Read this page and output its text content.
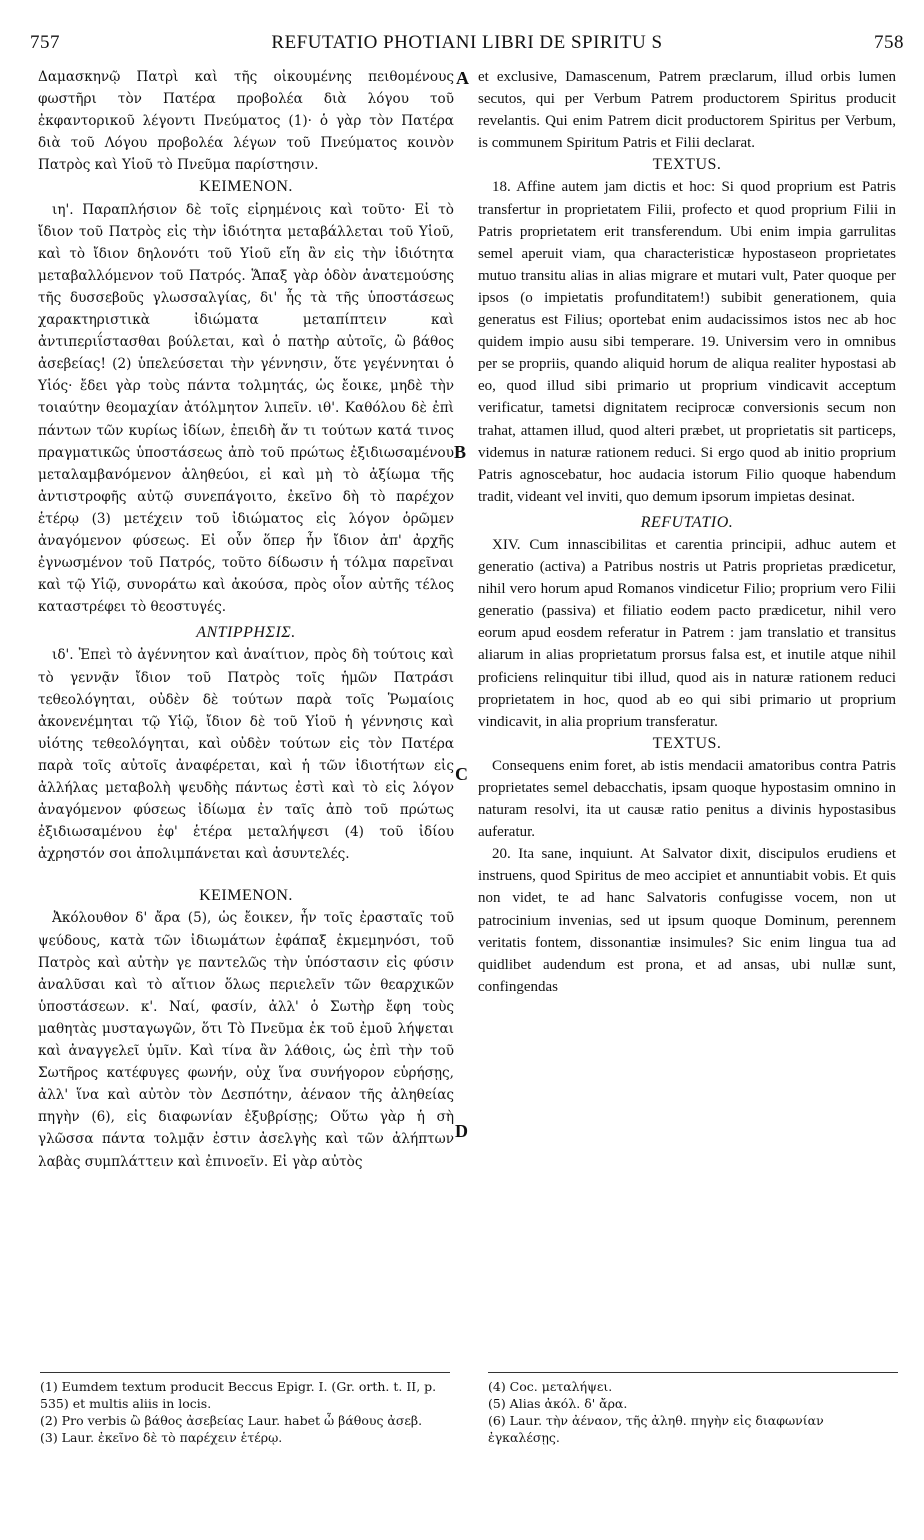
757	REFUTATIO PHOTIANI LIBRI DE SPIRITU S	758
A
B
C
D

Δαμασκηνῷ Πατρὶ καὶ τῆς οἰκουμένης πειθομένους φωστῆρι τὸν Πατέρα προβολέα διὰ λόγου τοῦ ἐκφαντορικοῦ λέγοντι Πνεύματος (1)· ὁ γὰρ τὸν Πατέρα διὰ τοῦ Λόγου προβολέα λέγων τοῦ Πνεύματος κοινὸν Πατρὸς καὶ Υἱοῦ τὸ Πνεῦμα παρίστησιν.

ΚΕΙΜΕΝΟΝ.

ιη'. Παραπλήσιον δὲ τοῖς εἰρημένοις καὶ τοῦτο· Εἰ τὸ ἴδιον τοῦ Πατρὸς εἰς τὴν ἰδιότητα μεταβάλλεται τοῦ Υἱοῦ, καὶ τὸ ἴδιον δηλονότι τοῦ Υἱοῦ εἴη ἂν εἰς τὴν ἰδιότητα μεταβαλλόμενον τοῦ Πατρός. Ἅπαξ γὰρ ὁδὸν ἀνατεμούσης τῆς δυσσεβοῦς γλωσσαλγίας, δι' ἧς τὰ τῆς ὑποστάσεως χαρακτηριστικὰ ἰδιώματα μεταπίπτειν καὶ ἀντιπεριΐστασθαι βούλεται, καὶ ὁ πατὴρ αὐτοῖς, ὢ βάθος ἀσεβείας! (2) ὑπελεύσεται τὴν γέννησιν, ὅτε γεγέννηται ὁ Υἱός· ἔδει γὰρ τοὺς πάντα τολμητάς, ὡς ἔοικε, μηδὲ τὴν τοιαύτην θεομαχίαν ἀτόλμητον λιπεῖν. ιθ'. Καθόλου δὲ ἐπὶ πάντων τῶν κυρίως ἰδίων, ἐπειδὴ ἄν τι τούτων κατά τινος πραγματικῶς ὑποστάσεως ἀπὸ τοῦ πρώτως ἐξιδιωσαμένου μεταλαμβανόμενον ἀληθεύοι, εἰ καὶ μὴ τὸ ἀξίωμα τῆς ἀντιστροφῆς αὐτῷ συνεπάγοιτο, ἐκεῖνο δὴ τὸ παρέχον ἑτέρῳ (3) μετέχειν τοῦ ἰδιώματος εἰς λόγον ὁρῶμεν ἀναγόμενον φύσεως. Εἰ οὖν ὅπερ ἦν ἴδιον ἀπ' ἀρχῆς ἐγνωσμένον τοῦ Πατρός, τοῦτο δίδωσιν ἡ τόλμα παρεῖναι καὶ τῷ Υἱῷ, συνοράτω καὶ ἀκούσα, πρὸς οἷον αὐτῆς τέλος καταστρέφει τὸ θεοστυγές.

ΑΝΤΙΡΡΗΣΙΣ.

ιδ'. Ἐπεὶ τὸ ἀγέννητον καὶ ἀναίτιον, πρὸς δὴ τούτοις καὶ τὸ γεννᾷν ἴδιον τοῦ Πατρὸς τοῖς ἡμῶν Πατράσι τεθεολόγηται, οὐδὲν δὲ τούτων παρὰ τοῖς Ῥωμαίοις ἀκονενέμηται τῷ Υἱῷ, ἴδιον δὲ τοῦ Υἱοῦ ἡ γέννησις καὶ υἱότης τεθεολόγηται, καὶ οὐδὲν τούτων εἰς τὸν Πατέρα παρὰ τοῖς αὐτοῖς ἀναφέρεται, καὶ ἡ τῶν ἰδιοτήτων εἰς ἀλλήλας μεταβολὴ ψευδὴς πάντως ἐστὶ καὶ τὸ εἰς λόγον ἀναγόμενον φύσεως ἰδίωμα ἐν ταῖς ἀπὸ τοῦ πρώτως ἐξιδιωσαμένου ἐφ' ἑτέρα μεταλήψεσι (4) τοῦ ἰδίου ἀχρηστόν σοι ἀπολιμπάνεται καὶ ἀσυντελές.

ΚΕΙΜΕΝΟΝ.

Ἀκόλουθον δ' ἄρα (5), ὡς ἔοικεν, ἦν τοῖς ἐρασταῖς τοῦ ψεύδους, κατὰ τῶν ἰδιωμάτων ἐφάπαξ ἐκμεμηνόσι, τοῦ Πατρὸς καὶ αὐτὴν γε παντελῶς τὴν ὑπόστασιν εἰς φύσιν ἀναλῦσαι καὶ τὸ αἴτιον ὅλως περιελεῖν τῶν θεαρχικῶν ὑποστάσεων. κ'. Ναί, φασίν, ἀλλ' ὁ Σωτὴρ ἔφη τοὺς μαθητὰς μυσταγωγῶν, ὅτι Τὸ Πνεῦμα ἐκ τοῦ ἐμοῦ λήψεται καὶ ἀναγγελεῖ ὑμῖν. Καὶ τίνα ἂν λάθοις, ὡς ἐπὶ τὴν τοῦ Σωτῆρος κατέφυγες φωνήν, οὐχ ἵνα συνήγορον εὑρήσῃς, ἀλλ' ἵνα καὶ αὐτὸν τὸν Δεσπότην, ἀέναον τῆς ἀληθείας πηγὴν (6), εἰς διαφωνίαν ἐξυβρίσῃς; Οὕτω γὰρ ἡ σὴ γλῶσσα πάντα τολμᾷν ἐστιν ἀσελγὴς καὶ τῶν ἀλήπτων λαβὰς συμπλάττειν καὶ ἐπινοεῖν. Εἰ γὰρ αὐτὸς

et exclusive, Damascenum, Patrem præclarum, illud orbis lumen secutos, qui per Verbum Patrem productorem Spiritus producit revelantis. Qui enim Patrem dicit productorem Spiritus per Verbum, is communem Spiritum Patris et Filii declarat.

TEXTUS.

18. Affine autem jam dictis et hoc: Si quod proprium est Patris transfertur in proprietatem Filii, profecto et quod proprium Filii in Patris proprietatem erit transferendum. Ubi enim impia garrulitas semel aperuit viam, qua characteristicæ hypostaseon proprietates mutuo transitu alias in alias migrare et mutari vult, Pater quoque per ipsos (o impietatis profunditatem!) subibit generationem, quia generatus est Filius; oportebat enim audacissimos istos nec ab hoc quidem impio ausu sibi temperare. 19. Universim vero in omnibus per se propriis, quando aliquid horum de aliqua realiter hypostasi ab eo, quod illud sibi primario ut proprium vindicavit acceptum verificatur, tametsi dignitatem reciprocæ conversionis secum non trahat, attamen illud, quod alteri præbet, ut proprietatis sit particeps, videmus in naturæ rationem reduci. Si ergo quod ab initio proprium Patris agnoscebatur, hoc audacia istorum Filio quoque habendum tradit, videant vel inviti, quo demum ipsorum impietas desinat.

REFUTATIO.

XIV. Cum innascibilitas et carentia principii, adhuc autem et generatio (activa) a Patribus nostris ut Patris proprietas prædicetur, nihil vero horum apud Romanos vindicetur Filio; proprium vero Filii generatio (passiva) et filiatio eodem pacto prædicetur, nihil vero eorum apud eosdem referatur in Patrem : jam translatio et transitus aliarum in alias proprietatum prorsus falsa est, et inutile atque nihil proficiens relinquitur tibi illud, quod ais in naturæ rationem reduci proprietatem in hoc, quod ab eo qui sibi primario ut proprium vindicavit, in alia proprium transferatur.

TEXTUS.

Consequens enim foret, ab istis mendacii amatoribus contra Patris proprietates semel debacchatis, ipsam quoque hypostasim omnino in naturam resolvi, ita ut causæ ratio penitus a divinis hypostasibus auferatur.

20. Ita sane, inquiunt. At Salvator dixit, discipulos erudiens et instruens, quod Spiritus de meo accipiet et annuntiabit vobis. Et quis non videt, te ad hanc Salvatoris confugisse vocem, non ut patrocinium invenias, sed ut ipsum quoque Dominum, perennem veritatis fontem, dissonantiæ insimules? Sic enim lingua tua ad quidlibet audendum est prona, et ad ansas, ubi nullæ sunt, confingendas

(1) Eumdem textum producit Beccus Epigr. I. (Gr. orth. t. II, p. 535) et multis aliis in locis.

(2) Pro verbis ὢ βάθος ἀσεβείας Laur. habet ὦ βάθους ἀσεβ.

(3) Laur. ἐκεῖνο δὲ τὸ παρέχειν ἑτέρῳ.

(4) Coc. μεταλήψει.

(5) Alias ἀκόλ. δ' ἄρα.

(6) Laur. τὴν ἀέναον, τῆς ἀληθ. πηγὴν εἰς διαφωνίαν ἐγκαλέσῃς.
